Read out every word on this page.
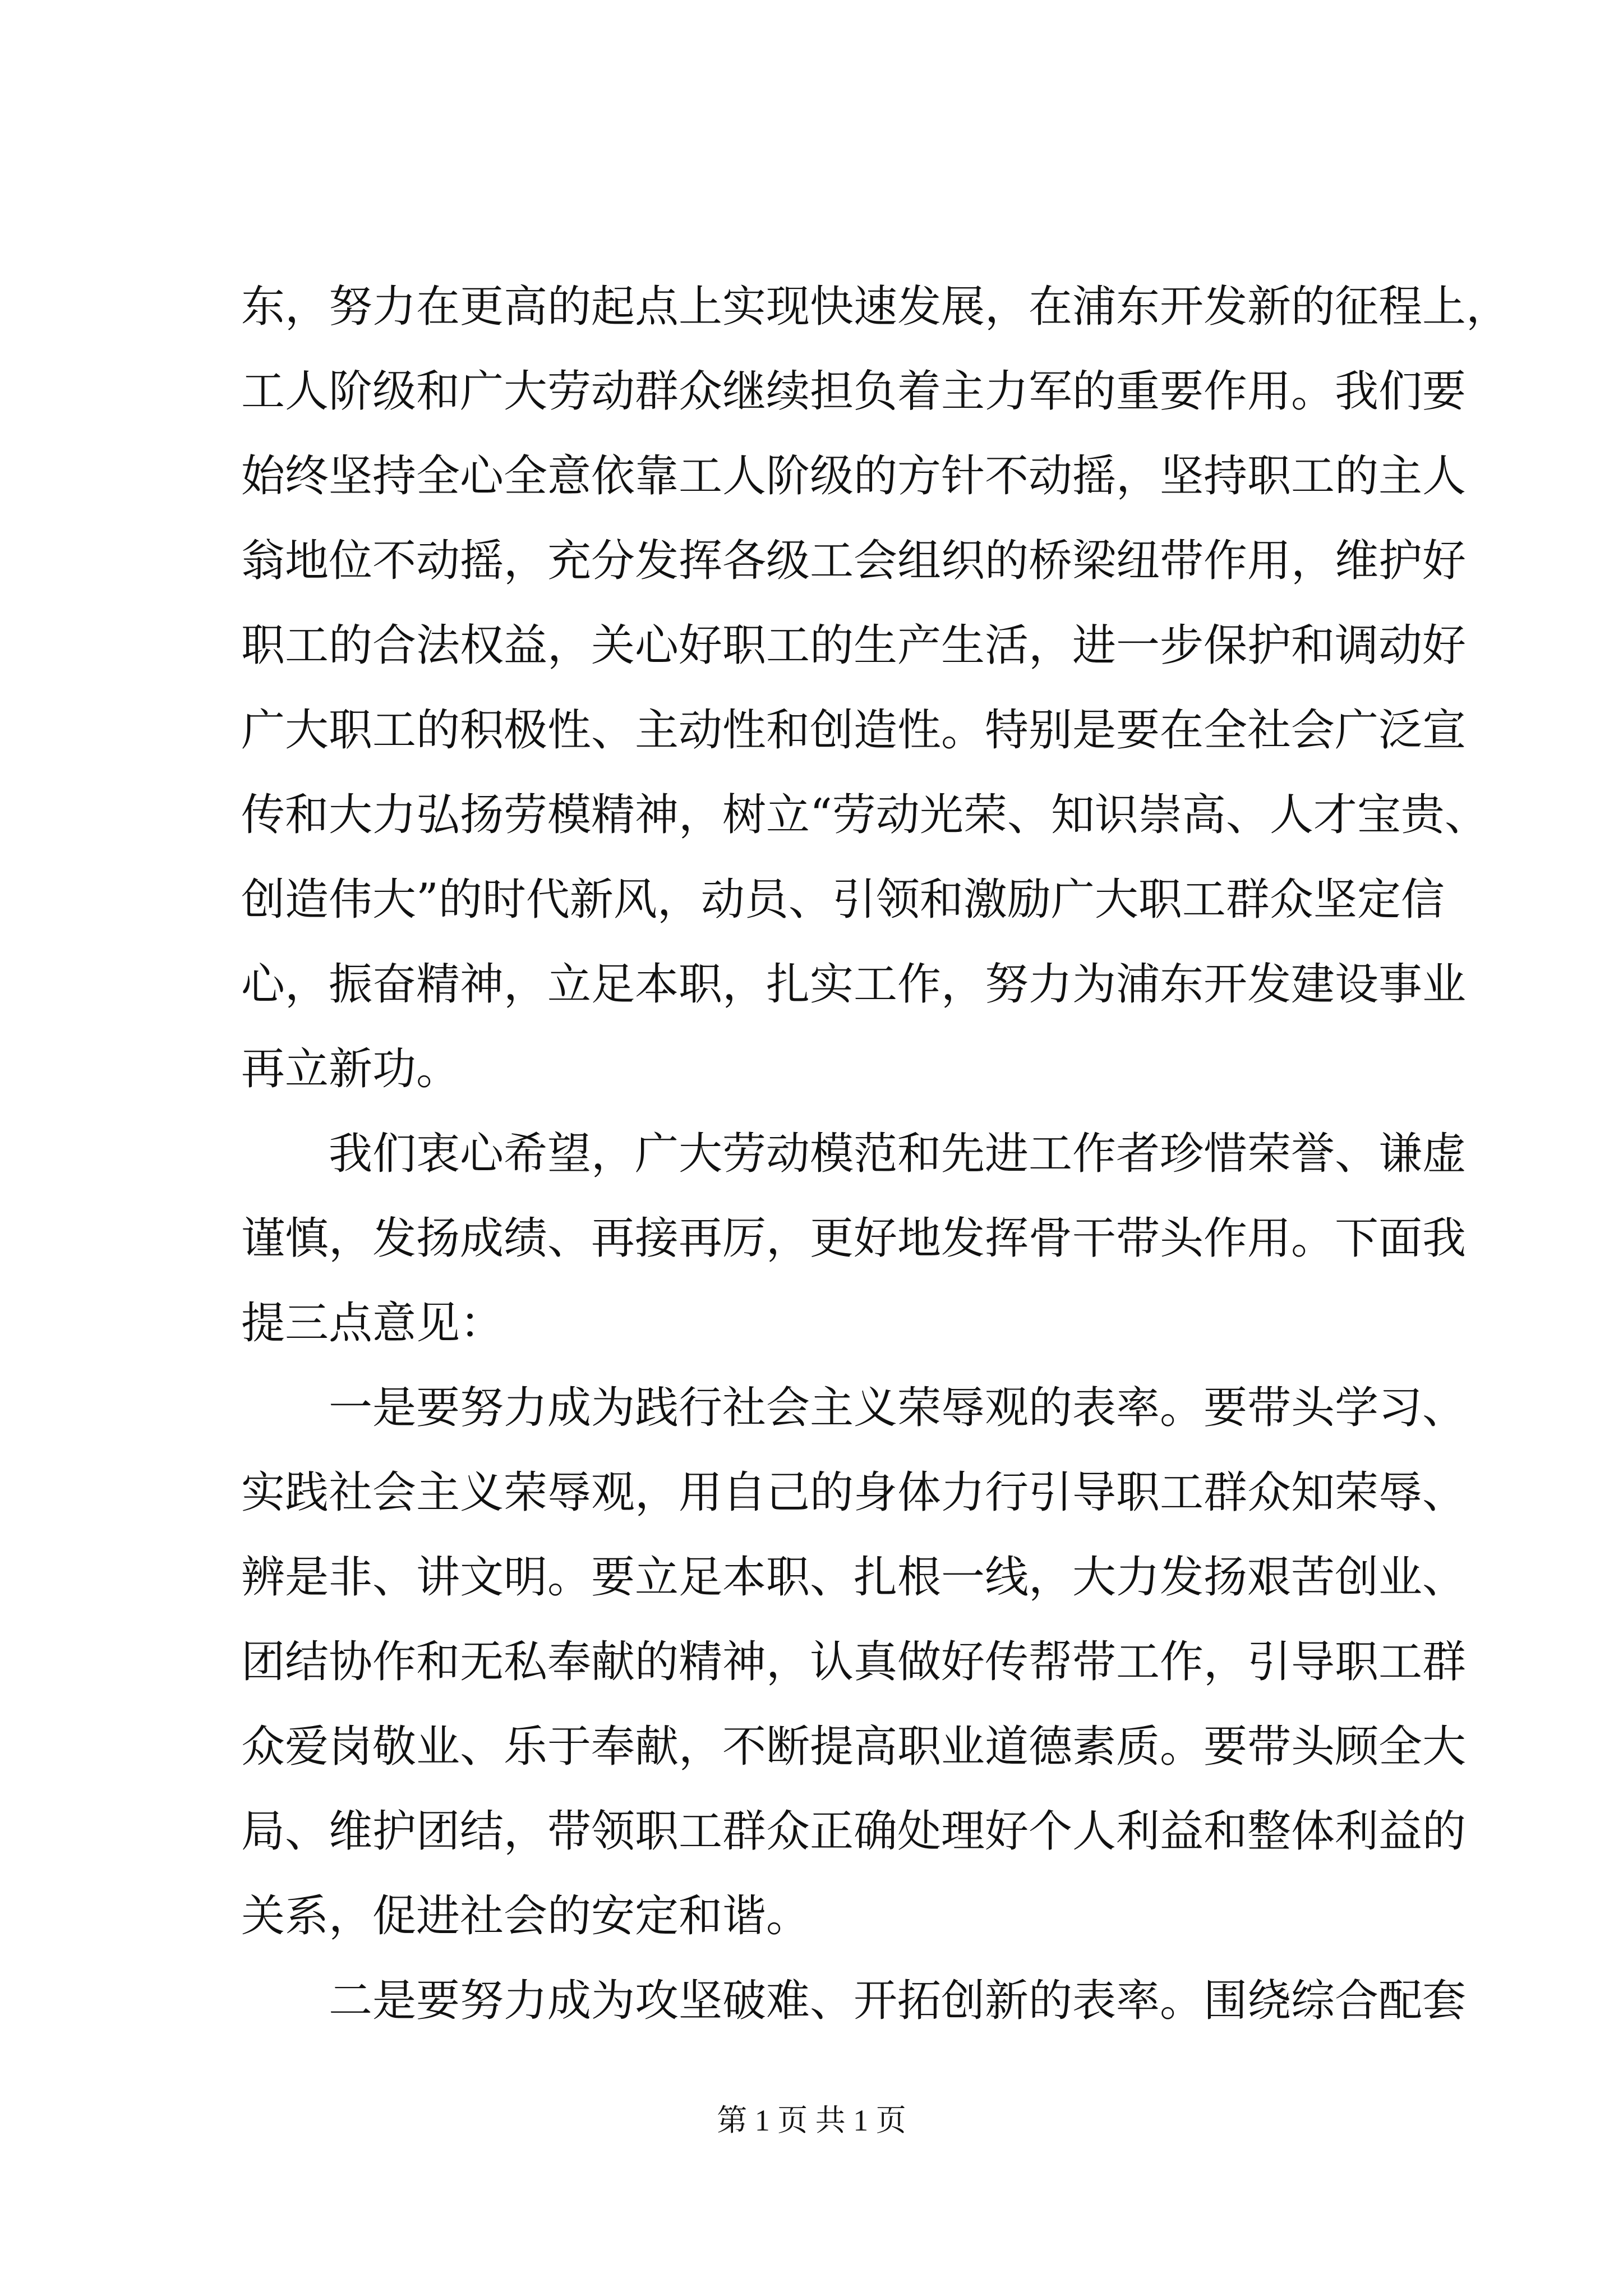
东，努力在更高的起点上实现快速发展，在浦东开发新的征程上，
工人阶级和广大劳动群众继续担负着主力军的重要作用。我们要
始终坚持全心全意依靠工人阶级的方针不动摇，坚持职工的主人
翁地位不动摇，充分发挥各级工会组织的桥梁纽带作用，维护好
职工的合法权益，关心好职工的生产生活，进一步保护和调动好
广大职工的积极性、主动性和创造性。特别是要在全社会广泛宣
传和大力弘扬劳模精神，树立“劳动光荣、知识崇高、人才宝贵、
创造伟大”的时代新风，动员、引领和激励广大职工群众坚定信
心，振奋精神，立足本职，扎实工作，努力为浦东开发建设事业
再立新功。
　　我们衷心希望，广大劳动模范和先进工作者珍惜荣誉、谦虚
谨慎，发扬成绩、再接再厉，更好地发挥骨干带头作用。下面我
提三点意见：
　　一是要努力成为践行社会主义荣辱观的表率。要带头学习、
实践社会主义荣辱观，用自己的身体力行引导职工群众知荣辱、
辨是非、讲文明。要立足本职、扎根一线，大力发扬艰苦创业、
团结协作和无私奉献的精神，认真做好传帮带工作，引导职工群
众爱岗敬业、乐于奉献，不断提高职业道德素质。要带头顾全大
局、维护团结，带领职工群众正确处理好个人利益和整体利益的
关系，促进社会的安定和谐。
　　二是要努力成为攻坚破难、开拓创新的表率。围绕综合配套
第 1 页 共 1 页
